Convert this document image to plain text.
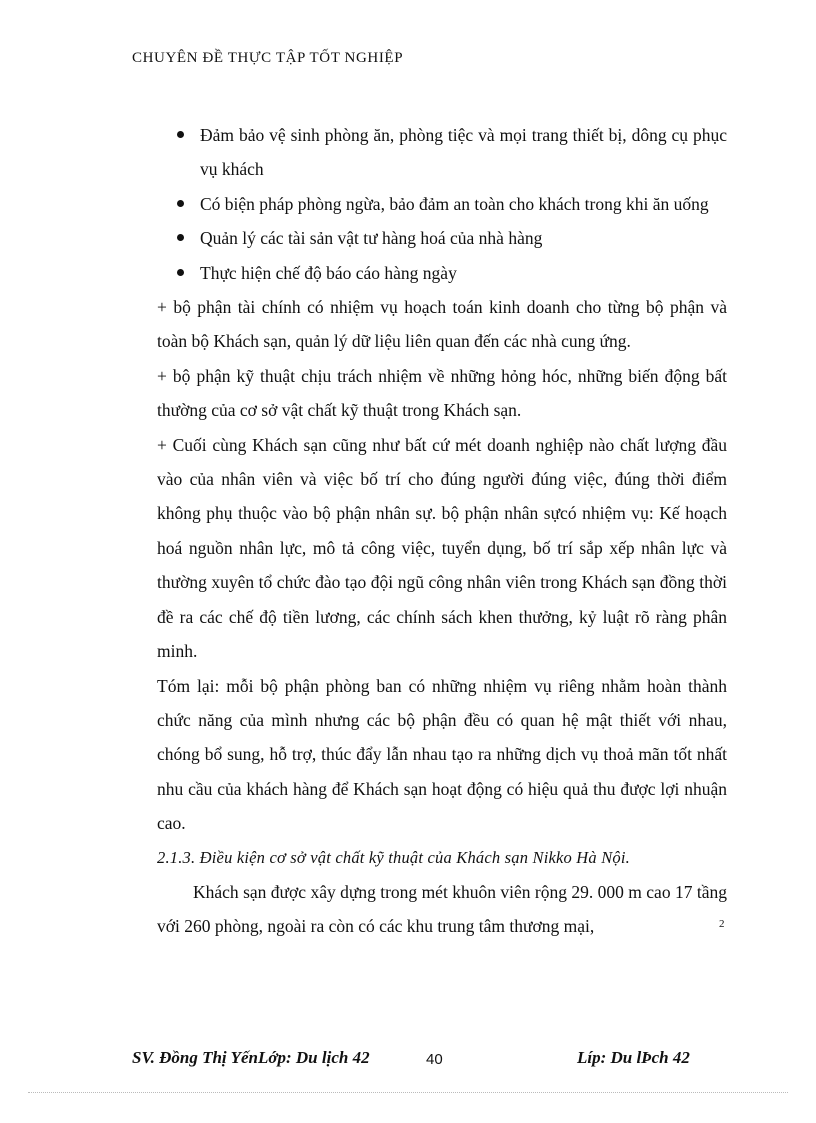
CHUYÊN ĐỀ THỰC TẬP TỐT NGHIỆP
Đảm bảo vệ sinh phòng ăn, phòng tiệc và mọi trang thiết bị, dông cụ phục vụ khách
Có biện pháp phòng ngừa, bảo đảm an toàn cho khách trong khi ăn uống
Quản lý các tài sản vật tư hàng hoá của nhà hàng
Thực hiện chế độ báo cáo hàng ngày

+ bộ phận tài chính có nhiệm vụ hoạch toán kinh doanh cho từng bộ phận và toàn bộ Khách sạn, quản lý dữ liệu liên quan đến các nhà cung ứng.

+ bộ phận kỹ thuật chịu trách nhiệm về những hỏng hóc, những biến động bất thường của cơ sở vật chất kỹ thuật trong Khách sạn.

+ Cuối cùng Khách sạn cũng như bất cứ mét doanh nghiệp nào chất lượng đầu vào của nhân viên và việc bố trí cho đúng người đúng việc, đúng thời điểm không phụ thuộc vào bộ phận nhân sự. bộ phận nhân sựcó nhiệm vụ: Kế hoạch hoá nguồn nhân lực, mô tả công việc, tuyển dụng, bố trí sắp xếp nhân lực và thường xuyên tổ chức đào tạo đội ngũ công nhân viên trong Khách sạn đồng thời đề ra các chế độ tiền lương, các chính sách khen thưởng, kỷ luật rõ ràng phân minh.

Tóm lại: mỗi bộ phận phòng ban có những nhiệm vụ riêng nhằm hoàn thành chức năng của mình nhưng các bộ phận đều có quan hệ mật thiết với nhau, chóng bổ sung, hỗ trợ, thúc đẩy lẫn nhau tạo ra những dịch vụ thoả mãn tốt nhất nhu cầu của khách hàng để Khách sạn hoạt động có hiệu quả thu được lợi nhuận cao.

2.1.3. Điều kiện cơ sở vật chất kỹ thuật của Khách sạn Nikko Hà Nội.

Khách sạn được xây dựng trong mét khuôn viên rộng 29. 000 m cao 17 tầng với 260 phòng, ngoài ra còn có các khu trung tâm thương mại,	2
SV. Đồng Thị YếnLớp: Du lịch 42	40	Líp: Du lÞch 42
